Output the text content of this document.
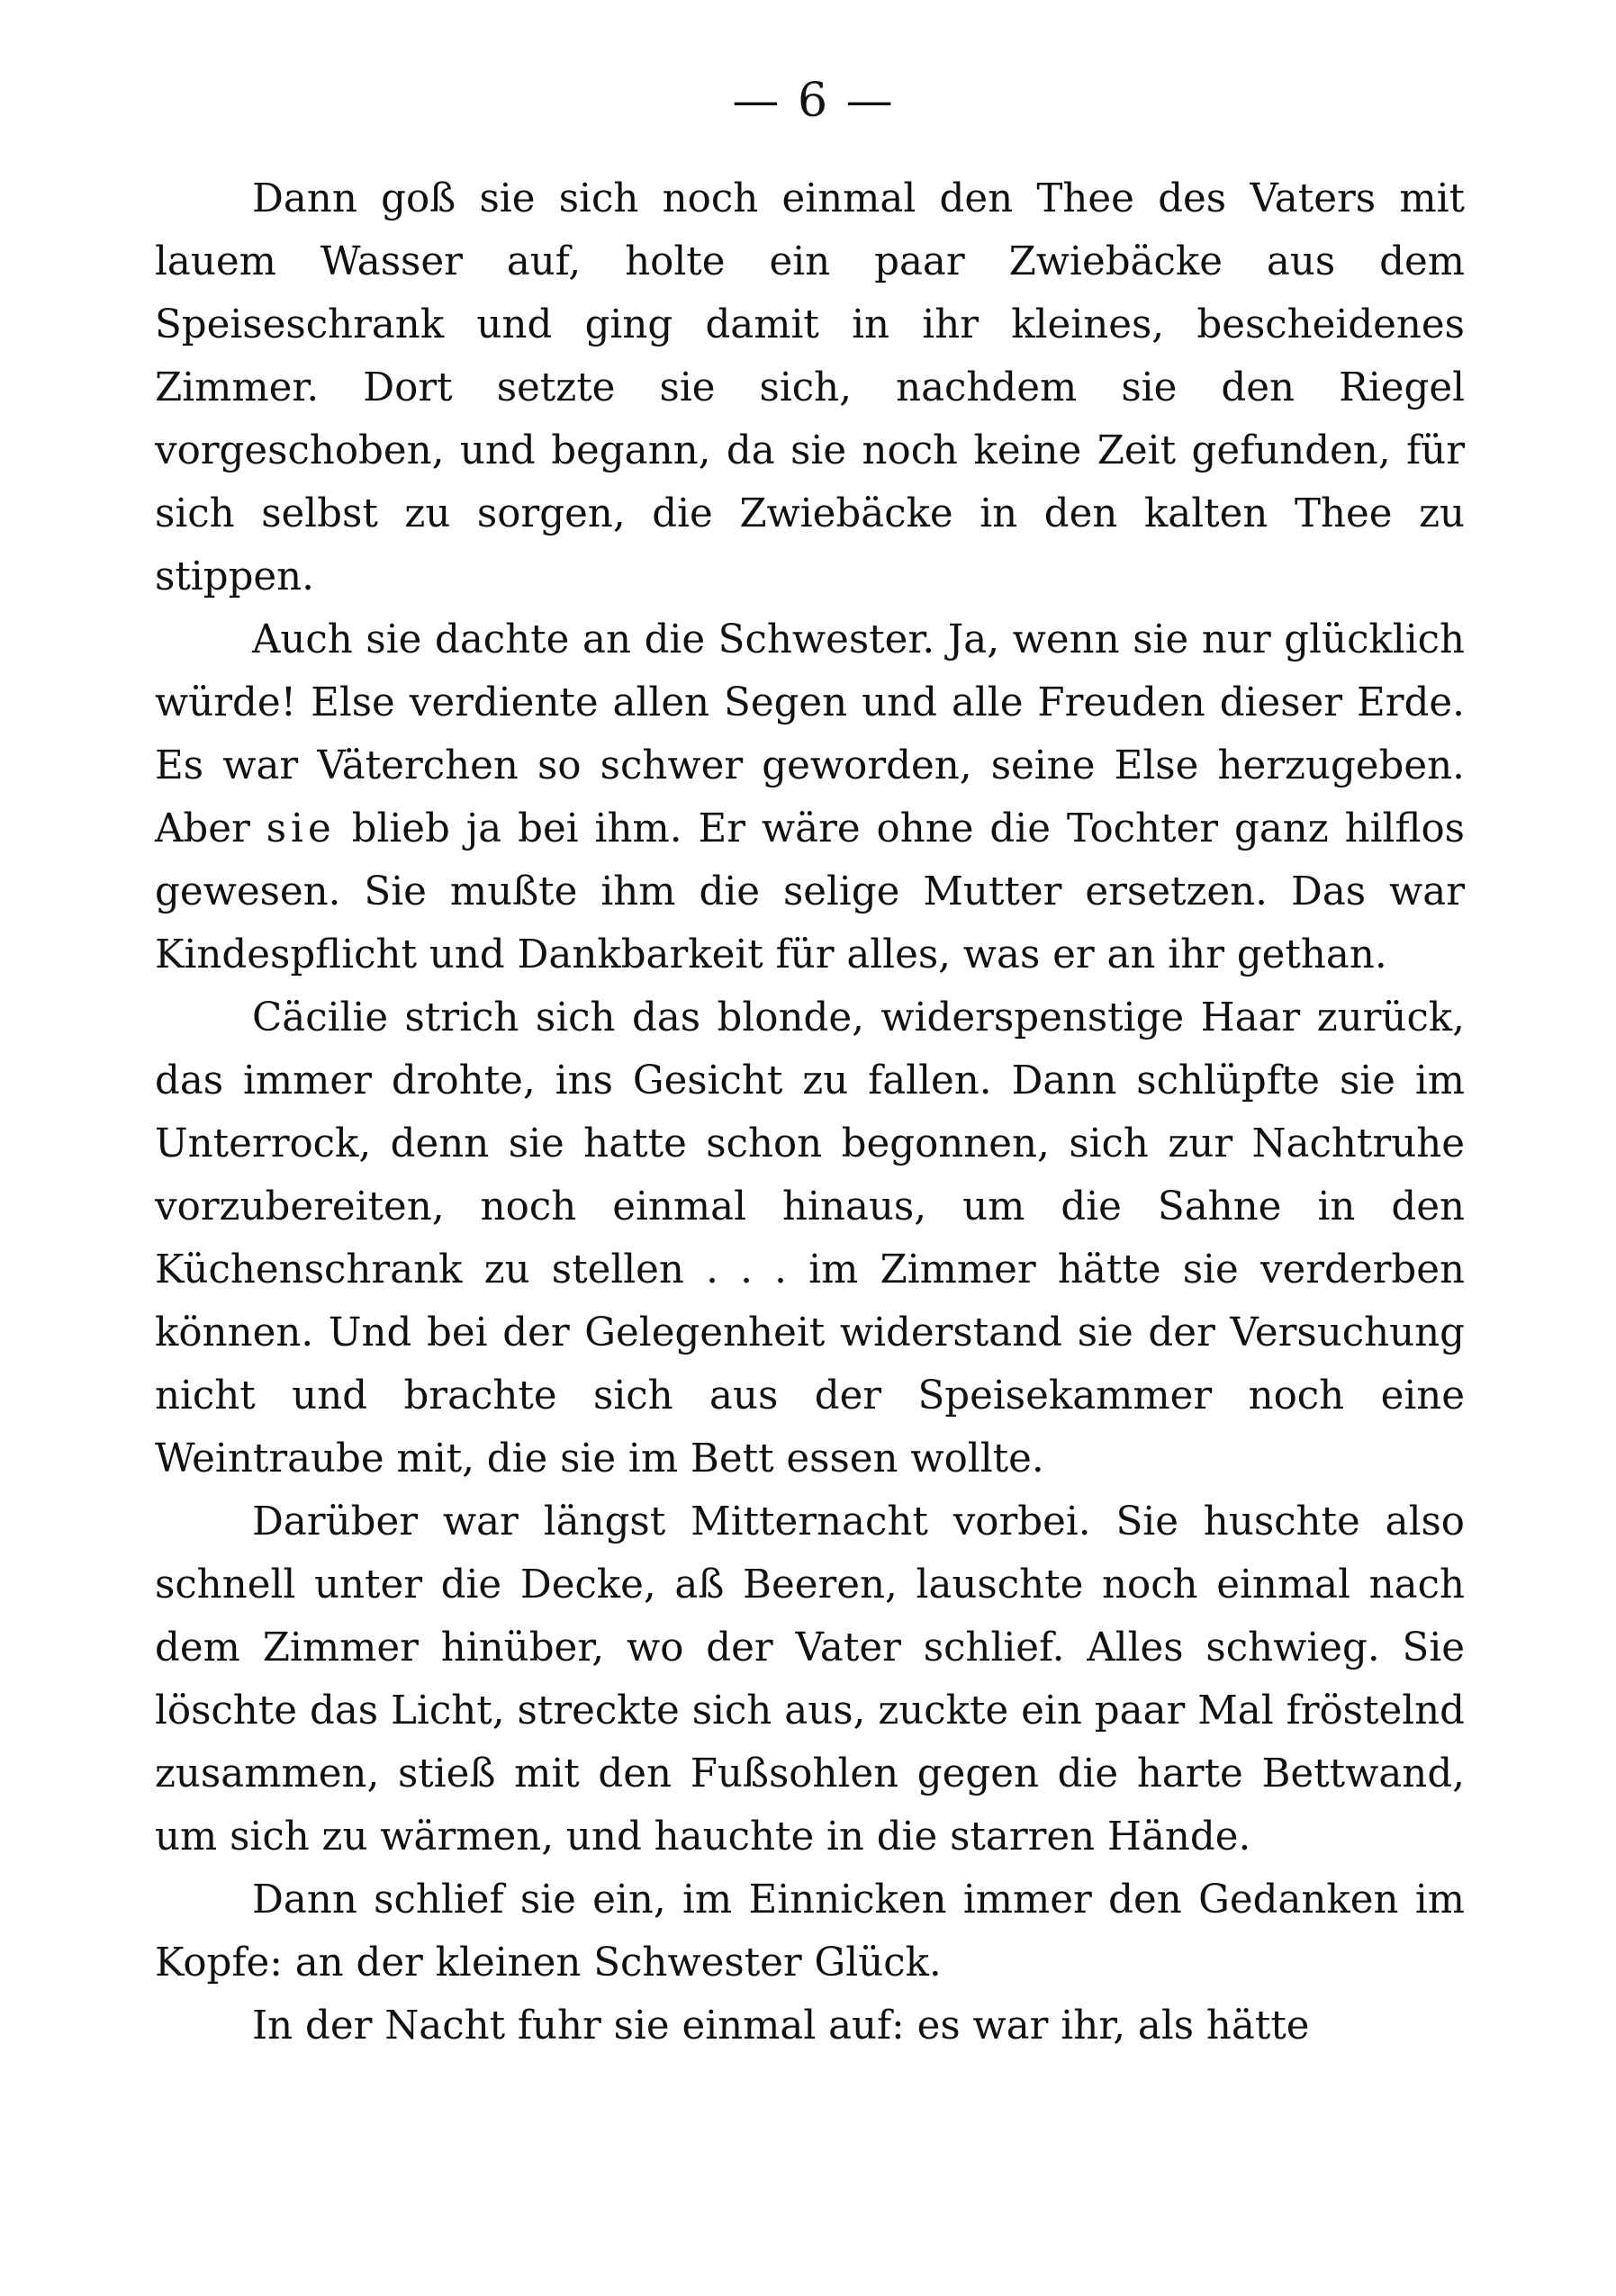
— 6 —

Dann goß sie sich noch einmal den Thee des Vaters mit lauem Wasser auf, holte ein paar Zwiebäcke aus dem Speiseschrank und ging damit in ihr kleines, bescheidenes Zimmer. Dort setzte sie sich, nachdem sie den Riegel vorgeschoben, und begann, da sie noch keine Zeit gefunden, für sich selbst zu sorgen, die Zwiebäcke in den kalten Thee zu stippen.

Auch sie dachte an die Schwester. Ja, wenn sie nur glücklich würde! Else verdiente allen Segen und alle Freuden dieser Erde. Es war Väterchen so schwer geworden, seine Else herzugeben. Aber sie blieb ja bei ihm. Er wäre ohne die Tochter ganz hilflos gewesen. Sie mußte ihm die selige Mutter ersetzen. Das war Kindespflicht und Dankbarkeit für alles, was er an ihr gethan.

Cäcilie strich sich das blonde, widerspenstige Haar zurück, das immer drohte, ins Gesicht zu fallen. Dann schlüpfte sie im Unterrock, denn sie hatte schon begonnen, sich zur Nachtruhe vorzubereiten, noch einmal hinaus, um die Sahne in den Küchenschrank zu stellen . . . im Zimmer hätte sie verderben können. Und bei der Gelegenheit widerstand sie der Versuchung nicht und brachte sich aus der Speisekammer noch eine Weintraube mit, die sie im Bett essen wollte.

Darüber war längst Mitternacht vorbei. Sie huschte also schnell unter die Decke, aß Beeren, lauschte noch einmal nach dem Zimmer hinüber, wo der Vater schlief. Alles schwieg. Sie löschte das Licht, streckte sich aus, zuckte ein paar Mal fröstelnd zusammen, stieß mit den Fußsohlen gegen die harte Bettwand, um sich zu wärmen, und hauchte in die starren Hände.

Dann schlief sie ein, im Einnicken immer den Gedanken im Kopfe: an der kleinen Schwester Glück.

In der Nacht fuhr sie einmal auf: es war ihr, als hätte
